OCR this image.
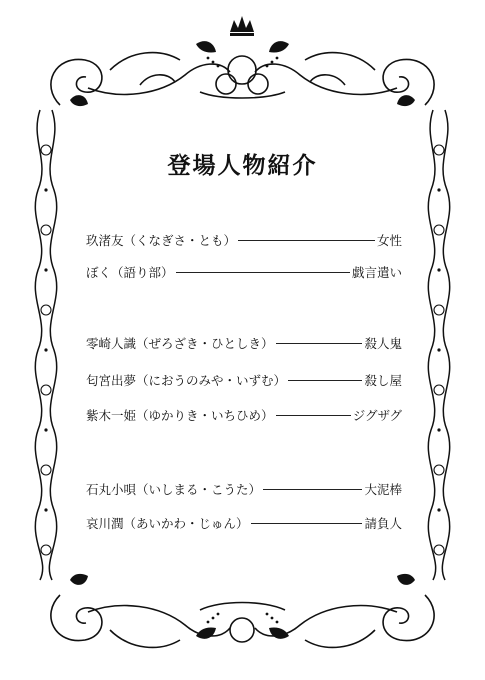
登場人物紹介
玖渚友（くなぎさ・とも）	女性
ぼく（語り部）	戯言遣い
零崎人識（ぜろざき・ひとしき）	殺人鬼
匂宮出夢（におうのみや・いずむ）	殺し屋
紫木一姫（ゆかりき・いちひめ）	ジグザグ
石丸小唄（いしまる・こうた）	大泥棒
哀川潤（あいかわ・じゅん）	請負人
